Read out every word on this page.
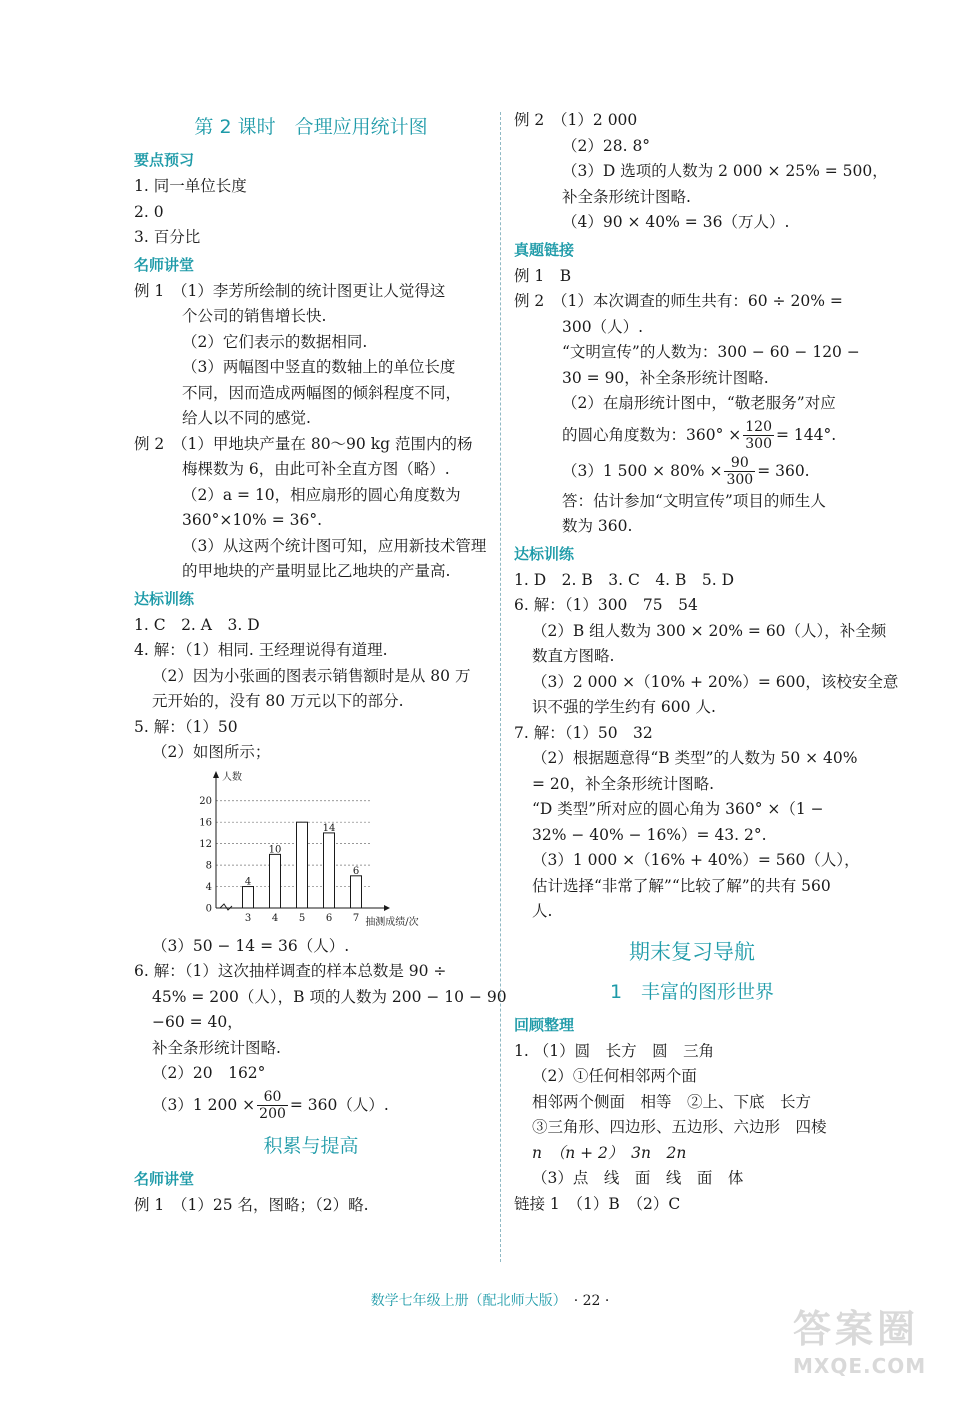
第 2 课时　合理应用统计图
要点预习
1. 同一单位长度
2. 0
3. 百分比
名师讲堂
例 1　（1）李芳所绘制的统计图更让人觉得这
个公司的销售增长快.
（2）它们表示的数据相同.
（3）两幅图中竖直的数轴上的单位长度
不同，因而造成两幅图的倾斜程度不同，
给人以不同的感觉.
例 2　（1）甲地块产量在 80～90 kg 范围内的杨
梅棵数为 6，由此可补全直方图（略）.
（2）a = 10，相应扇形的圆心角度数为
360°×10% = 36°.
（3）从这两个统计图可知，应用新技术管理
的甲地块的产量明显比乙地块的产量高.
达标训练
1. C　2. A　3. D
4. 解：（1）相同. 王经理说得有道理.
（2）因为小张画的图表示销售额时是从 80 万
元开始的，没有 80 万元以下的部分.
5. 解：（1）50
（2）如图所示；
0
4
8
12
16
20
人数
抽测成绩/次
4
3
10
4 5
14
6
6
7
（3）50 − 14 = 36（人）.
6. 解：（1）这次抽样调查的样本总数是 90 ÷
45% = 200（人），B 项的人数为 200 − 10 − 90
−60 = 40，
补全条形统计图略.
（2）20　162°
（3）1 $200 \times \frac{60}{200} = 360$（人）.
积累与提高
名师讲堂
例 1　（1）25 名，图略；（2）略.
例 2　（1）2 000
（2）28. 8°
（3）D 选项的人数为 2 000 × 25% = 500，
补全条形统计图略.
（4）90 × 40% = 36（万人）.
真题链接
例 1　B
例 2　（1）本次调查的师生共有：60 ÷ 20% =
300（人）.
“文明宣传”的人数为：300 − 60 − 120 −
30 = 90，补全条形统计图略.
（2）在扇形统计图中，“敬老服务”对应
的圆心角度数为：$360^\circ \times \frac{120}{300} = 144^\circ$.
（3）1 $500 \times 80\% \times \frac{90}{300} = 360$.
答：估计参加“文明宣传”项目的师生人
数为 360.
达标训练
1. D　2. B　3. C　4. B　5. D
6. 解：（1）300　75　54
（2）B 组人数为 300 × 20% = 60（人），补全频
数直方图略.
（3）2 000 ×（10% + 20%）= 600，该校安全意
识不强的学生约有 600 人.
7. 解：（1）50　32
（2）根据题意得“B 类型”的人数为 50 × 40%
= 20，补全条形统计图略.
“D 类型”所对应的圆心角为 360° ×（1 −
32% − 40% − 16%）= 43. 2°.
（3）1 000 ×（16% + 40%）= 560（人），
估计选择“非常了解”“比较了解”的共有 560
人.
期末复习导航
1　丰富的图形世界
回顾整理
1. （1）圆　长方　圆　三角
（2）①任何相邻两个面
相邻两个侧面　相等　②上、下底　长方
③三角形、四边形、五边形、六边形　四棱
n　（n + 2）　3n　2n
（3）点　线　面　线　面　体
链接 1　（1）B　（2）C
数学七年级上册（配北师大版） · 22 ·
答案圈
MXQE.COM
